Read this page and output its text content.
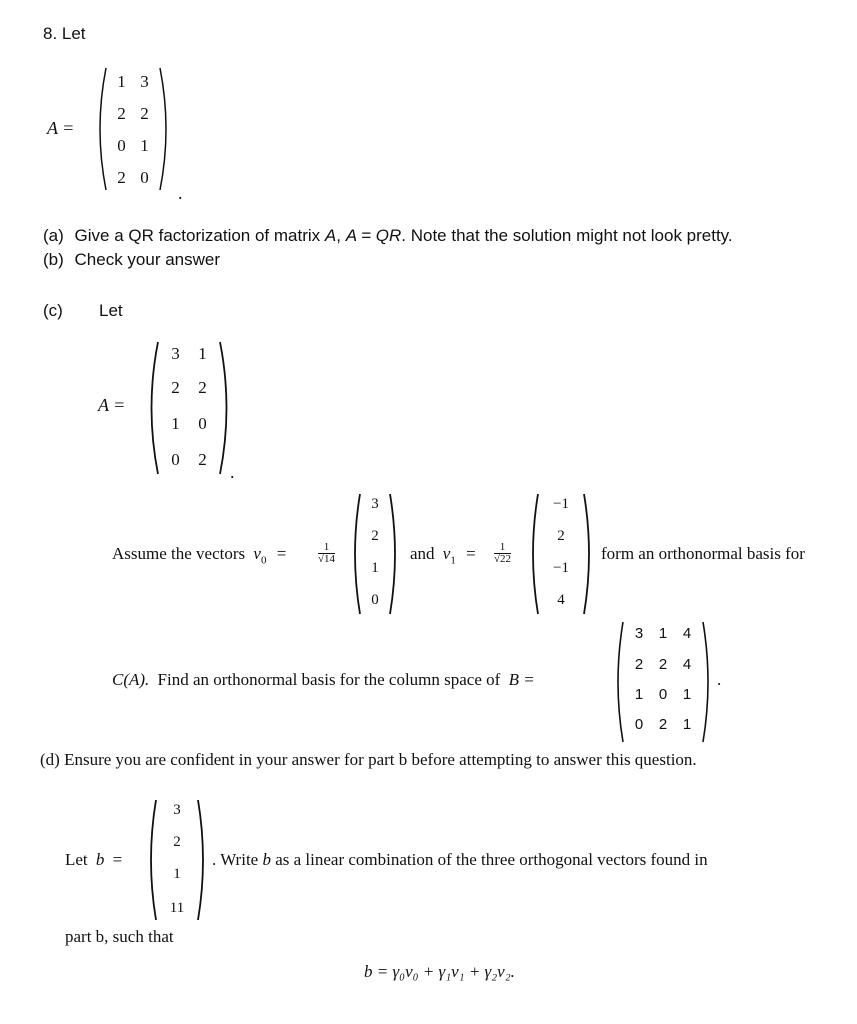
8. Let
A =
1 3
2 2
0 1
2 0
.
(a) Give a QR factorization of matrix A, A = QR. Note that the solution might not look pretty.
(b) Check your answer
(c) Let
A =
3 1
2 2
1 0
0 2
.
Assume the vectors $v_0$ =	$\frac{1}{√14}$
3
2
1
0
and $v_1 = \frac{1}{√22}$
−1
2
−1
4
form an orthonormal basis for
C(A). Find an orthonormal basis for the column space of B =
3 1 4
2 2 4
1 0 1
0 2 1
.
(d) Ensure you are confident in your answer for part b before attempting to answer this question.
Let b =
3
2
1
11
. Write b as a linear combination of the three orthogonal vectors found in
part b, such that
b = γ₀v₀ + γ₁v₁ + γ₂v₂.
